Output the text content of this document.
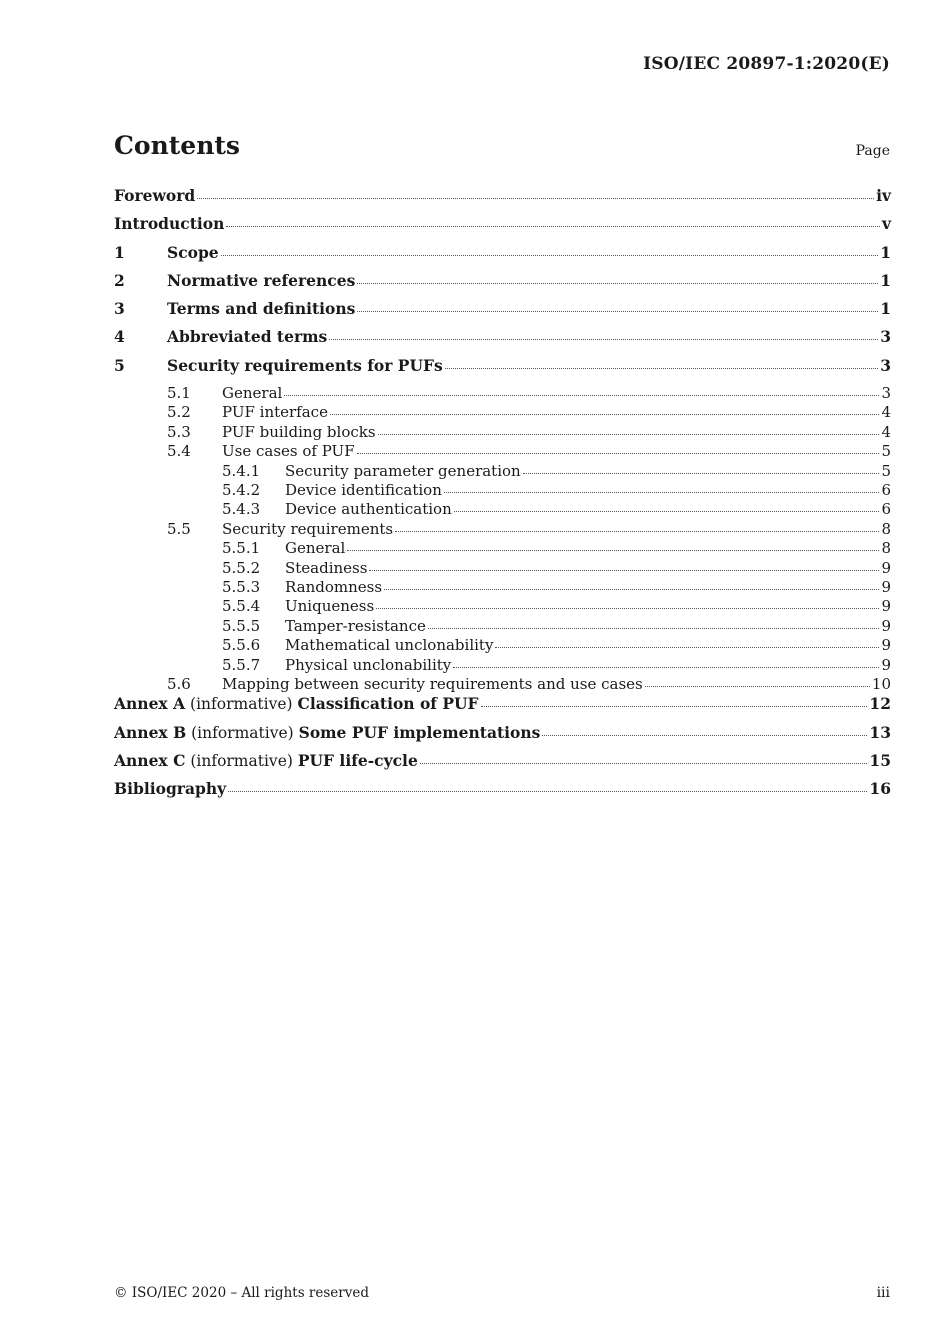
ISO/IEC 20897-1:2020(E)
Contents	Page
Foreword	iv
Introduction	v
1	Scope	1
2	Normative references	1
3	Terms and definitions	1
4	Abbreviated terms	3
5	Security requirements for PUFs	3
5.1	General	3
5.2	PUF interface	4
5.3	PUF building blocks	4
5.4	Use cases of PUF	5
5.4.1	Security parameter generation	5
5.4.2	Device identification	6
5.4.3	Device authentication	6
5.5	Security requirements	8
5.5.1	General	8
5.5.2	Steadiness	9
5.5.3	Randomness	9
5.5.4	Uniqueness	9
5.5.5	Tamper-resistance	9
5.5.6	Mathematical unclonability	9
5.5.7	Physical unclonability	9
5.6	Mapping between security requirements and use cases	10
Annex A (informative) Classification of PUF	12
Annex B (informative) Some PUF implementations	13
Annex C (informative) PUF life-cycle	15
Bibliography	16
© ISO/IEC 2020 – All rights reserved	iii
